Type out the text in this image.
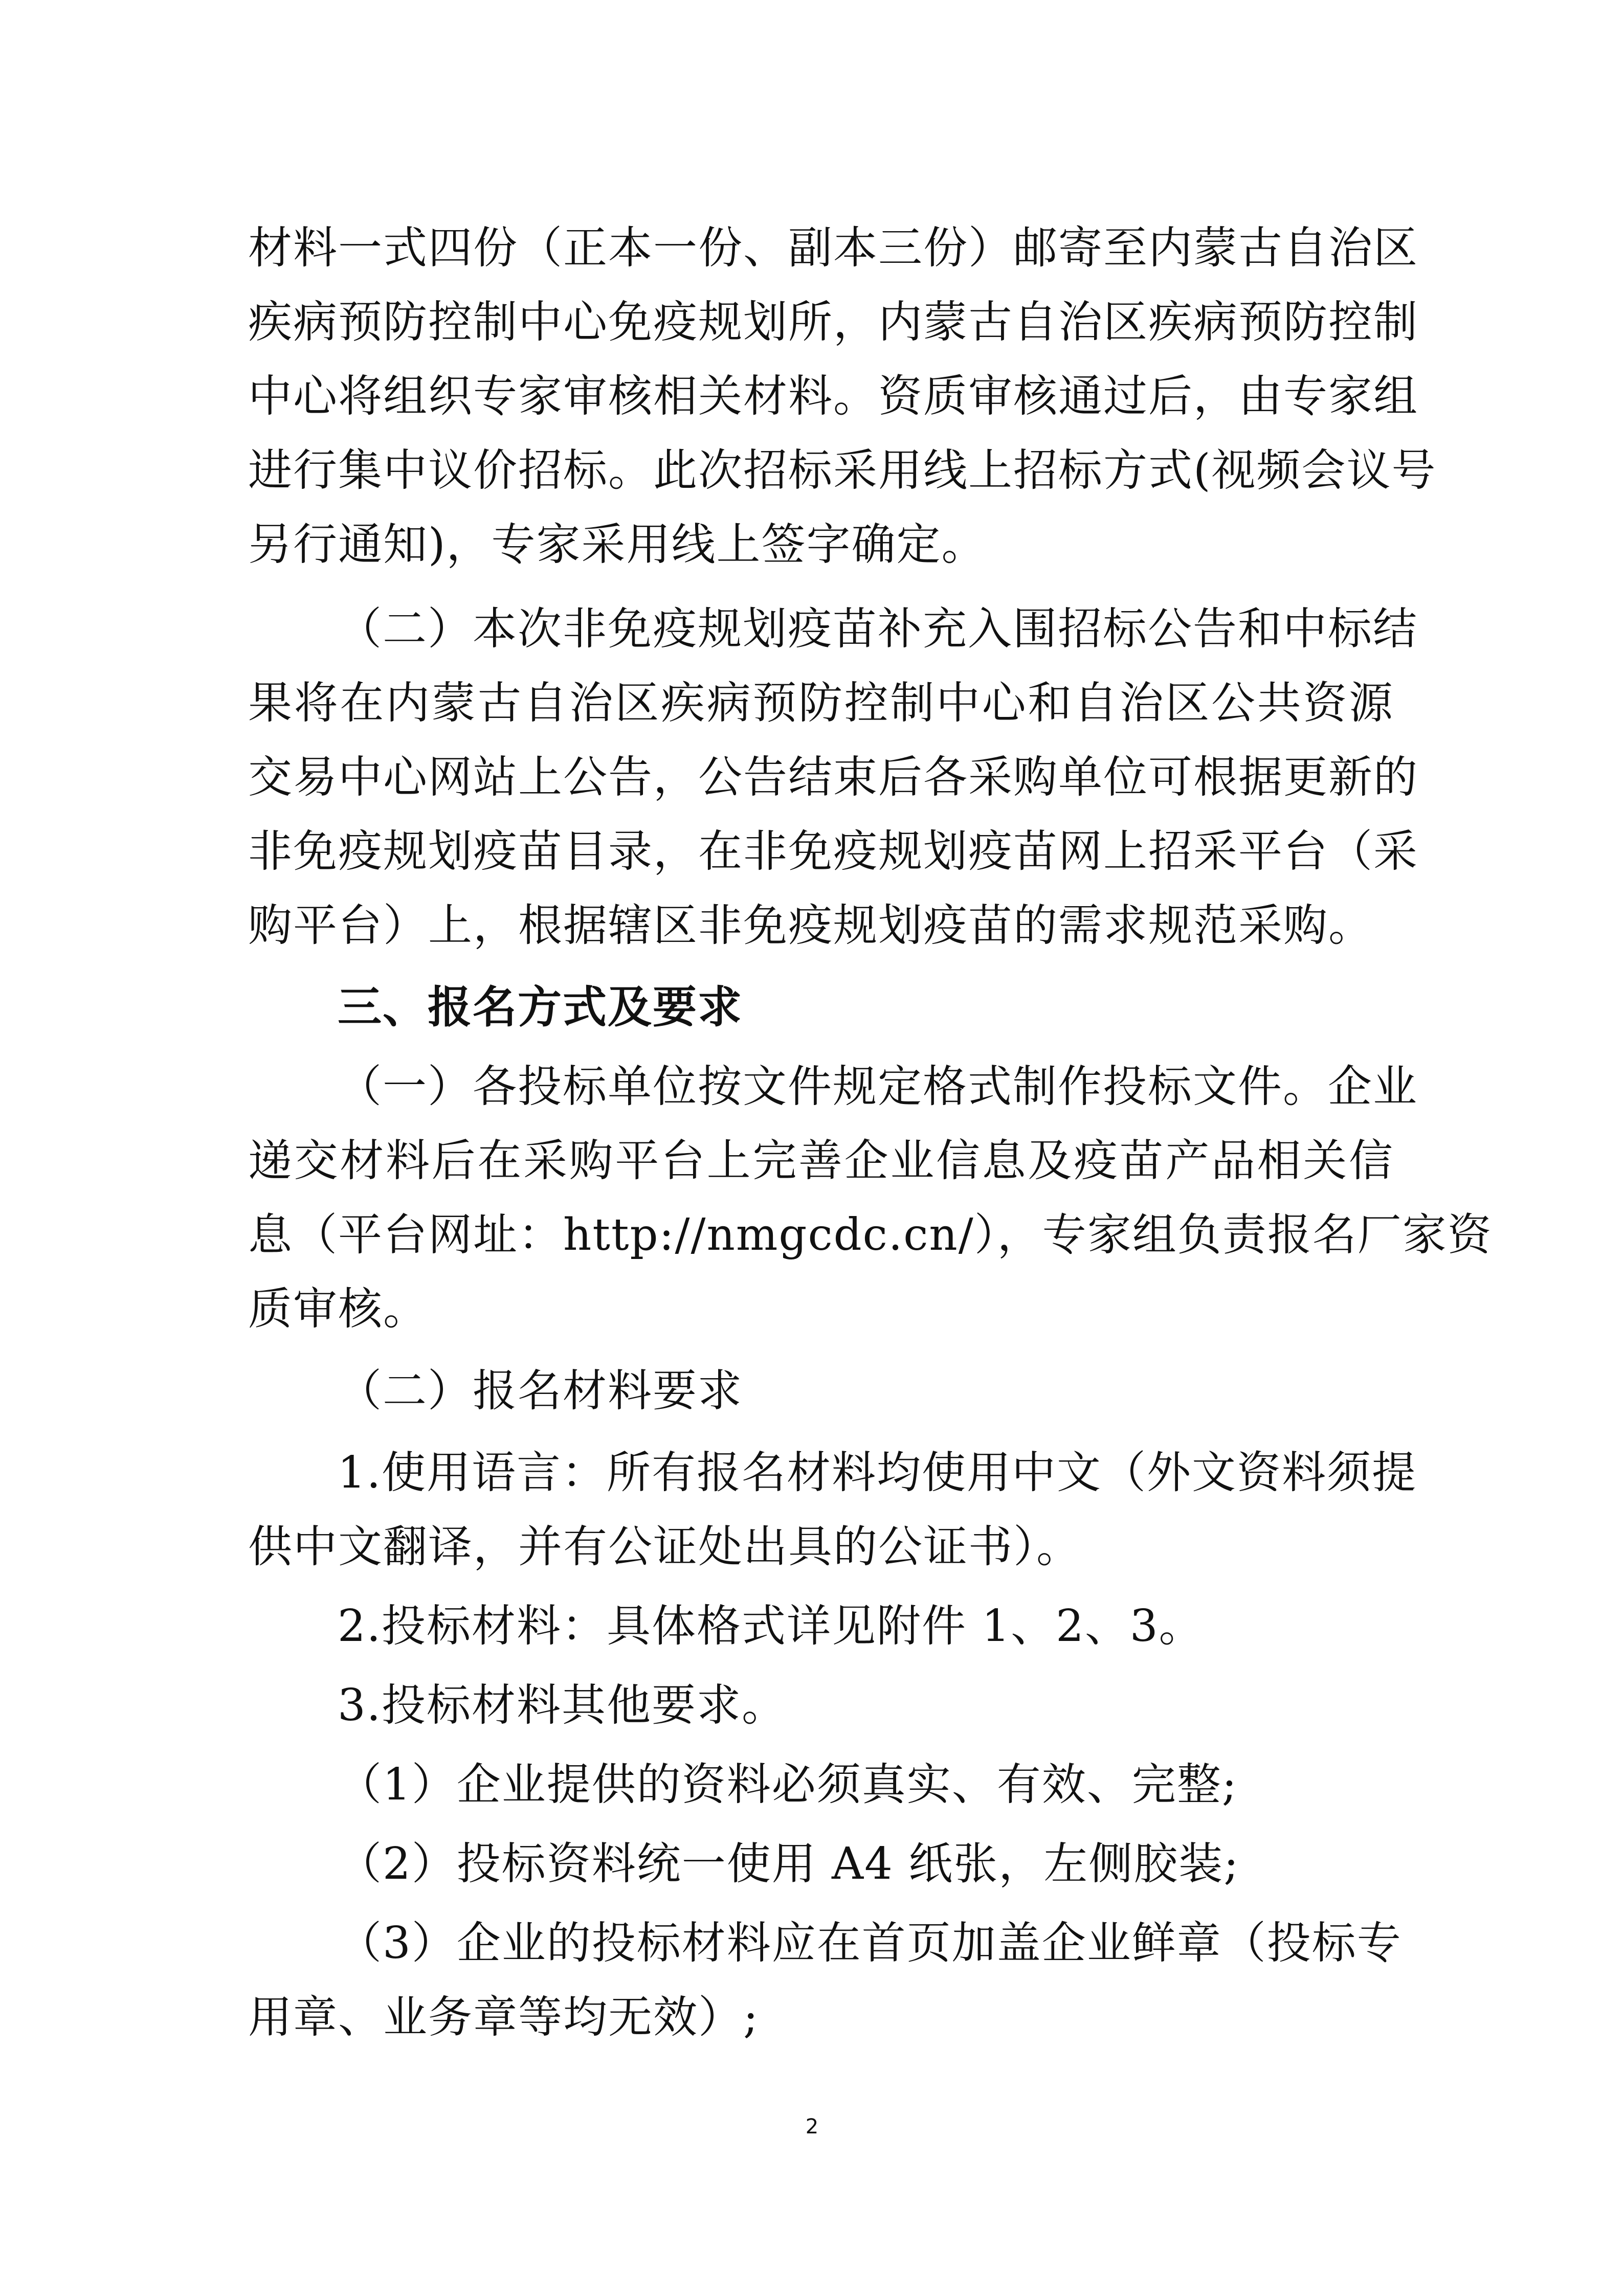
材料一式四份（正本一份、副本三份）邮寄至内蒙古自治区
疾病预防控制中心免疫规划所，内蒙古自治区疾病预防控制
中心将组织专家审核相关材料。资质审核通过后，由专家组
进行集中议价招标。此次招标采用线上招标方式(视频会议号
另行通知)，专家采用线上签字确定。
（二）本次非免疫规划疫苗补充入围招标公告和中标结
果将在内蒙古自治区疾病预防控制中心和自治区公共资源
交易中心网站上公告，公告结束后各采购单位可根据更新的
非免疫规划疫苗目录，在非免疫规划疫苗网上招采平台（采
购平台）上，根据辖区非免疫规划疫苗的需求规范采购。
三、报名方式及要求
（一）各投标单位按文件规定格式制作投标文件。企业
递交材料后在采购平台上完善企业信息及疫苗产品相关信
息（平台网址：http://nmgcdc.cn/），专家组负责报名厂家资
质审核。
（二）报名材料要求
1.使用语言：所有报名材料均使用中文（外文资料须提
供中文翻译，并有公证处出具的公证书）。
2.投标材料：具体格式详见附件 1、2、3。
3.投标材料其他要求。
（1）企业提供的资料必须真实、有效、完整;
（2）投标资料统一使用 A4 纸张，左侧胶装;
（3）企业的投标材料应在首页加盖企业鲜章（投标专
用章、业务章等均无效）;
2
